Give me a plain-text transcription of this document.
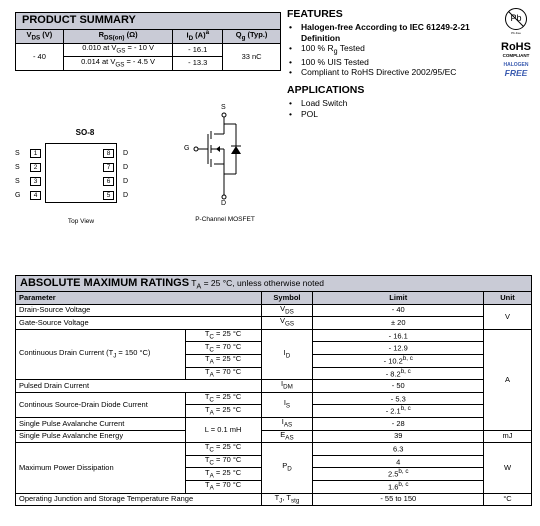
PRODUCT SUMMARY
$V_{DS}$ (V)	$R_{DS(on)}$ (Ω)	$I_D$ $(A)^a$	$Q_g$ (Typ.)
- 40	0.010 at $V_{GS}$ = - 10 V	- 16.1	33 nC
	0.014 at $V_{GS}$ = - 4.5 V	- 13.3	
FEATURES
• Halogen-free According to IEC 61249-2-21 Definition
• 100 % $R_g$ Tested
• 100 % UIS Tested
• Compliant to RoHS Directive 2002/95/EC
APPLICATIONS
• Load Switch
• POL
Pb
Pb-free
RoHS
COMPLIANT
HALOGEN
FREE
SO-8
S	1
S	2
S	3
G	4
8	D
7	D
6	D
5	D
Top View
S
G
D
P-Channel MOSFET
ABSOLUTE MAXIMUM RATINGS $T_A = 25$ °C, unless otherwise noted
Parameter		Symbol	Limit	Unit
Drain-Source Voltage		$V_{DS}$	- 40	V
Gate-Source Voltage		$V_{GS}$	± 20	
Continuous Drain Current ($T_J = 150$ °C)	$T_C = 25$ °C	$I_D$	- 16.1	A
	$T_C = 70$ °C		- 12.9	
	$T_A = 25$ °C		- 10.2$^{b, c}$
	$T_A = 70$ °C		- 8.2$^{b, c}$
Pulsed Drain Current		$I_{DM}$	- 50	
Continous Source-Drain Diode Current	$T_C = 25$ °C	$I_S$	- 5.3	
	$T_A = 25$ °C		- 2.1$^{b, c}$
Single Pulse Avalanche Current	L = 0.1 mH	$I_{AS}$	- 28	
Single Pulse Avalanche Energy		$E_{AS}$	39	mJ
Maximum Power Dissipation	$T_C = 25$ °C	$P_D$	6.3	W
	$T_C = 70$ °C		4	
	$T_A = 25$ °C		2.5$^{b, c}$
	$T_A = 70$ °C		1.6$^{b, c}$
Operating Junction and Storage Temperature Range		$T_J$, $T_{stg}$	- 55 to 150	°C
